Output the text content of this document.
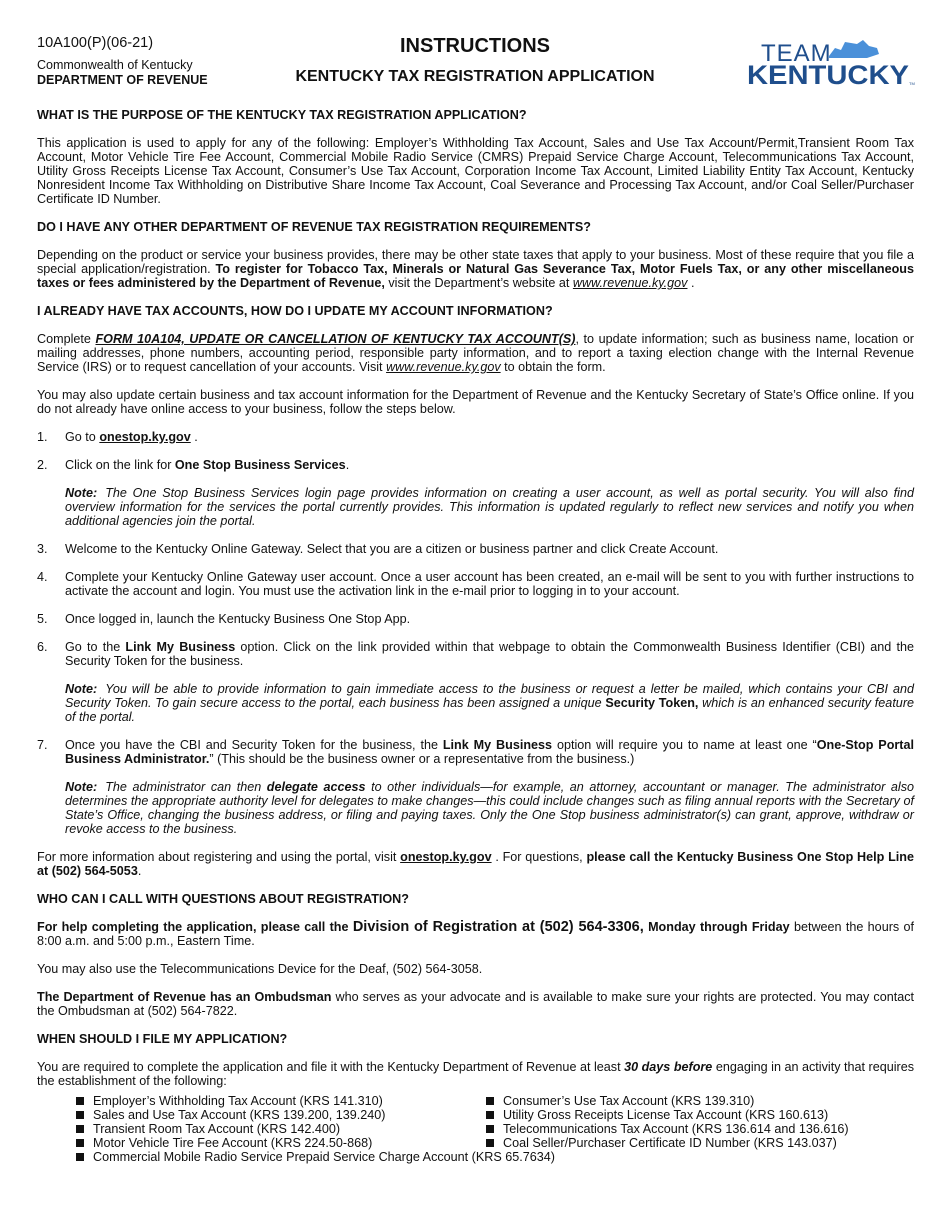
10A100(P)(06-21)
Commonwealth of Kentucky
DEPARTMENT OF REVENUE
INSTRUCTIONS
KENTUCKY TAX REGISTRATION APPLICATION
TEAM
KENTUCKY TM
WHAT IS THE PURPOSE OF THE KENTUCKY TAX REGISTRATION APPLICATION?

This application is used to apply for any of the following: Employer’s Withholding Tax Account, Sales and Use Tax Account/Permit,Transient Room Tax Account, Motor Vehicle Tire Fee Account, Commercial Mobile Radio Service (CMRS) Prepaid Service Charge Account, Telecommunications Tax Account, Utility Gross Receipts License Tax Account, Consumer’s Use Tax Account, Corporation Income Tax Account, Limited Liability Entity Tax Account, Kentucky Nonresident Income Tax Withholding on Distributive Share Income Tax Account, Coal Severance and Processing Tax Account, and/or Coal Seller/Purchaser Certificate ID Number.

DO I HAVE ANY OTHER DEPARTMENT OF REVENUE TAX REGISTRATION REQUIREMENTS?

Depending on the product or service your business provides, there may be other state taxes that apply to your business. Most of these require that you file a special application/registration. To register for Tobacco Tax, Minerals or Natural Gas Severance Tax, Motor Fuels Tax, or any other miscellaneous taxes or fees administered by the Department of Revenue, visit the Department’s website at www.revenue.ky.gov .

I ALREADY HAVE TAX ACCOUNTS, HOW DO I UPDATE MY ACCOUNT INFORMATION?

Complete FORM 10A104, UPDATE OR CANCELLATION OF KENTUCKY TAX ACCOUNT(S), to update information; such as business name, location or mailing addresses, phone numbers, accounting period, responsible party information, and to report a taxing election change with the Internal Revenue Service (IRS) or to request cancellation of your accounts. Visit www.revenue.ky.gov to obtain the form.

You may also update certain business and tax account information for the Department of Revenue and the Kentucky Secretary of State’s Office online. If you do not already have online access to your business, follow the steps below.

1.	Go to onestop.ky.gov .
2.	Click on the link for One Stop Business Services.
Note: The One Stop Business Services login page provides information on creating a user account, as well as portal security. You will also find overview information for the services the portal currently provides. This information is updated regularly to reflect new services and notify you when additional agencies join the portal.
3.	Welcome to the Kentucky Online Gateway. Select that you are a citizen or business partner and click Create Account.
4.	Complete your Kentucky Online Gateway user account. Once a user account has been created, an e-mail will be sent to you with further instructions to activate the account and login. You must use the activation link in the e-mail prior to logging in to your account.
5.	Once logged in, launch the Kentucky Business One Stop App.
6.	Go to the Link My Business option. Click on the link provided within that webpage to obtain the Commonwealth Business Identifier (CBI) and the Security Token for the business.
Note: You will be able to provide information to gain immediate access to the business or request a letter be mailed, which contains your CBI and Security Token. To gain secure access to the portal, each business has been assigned a unique Security Token, which is an enhanced security feature of the portal.
7.	Once you have the CBI and Security Token for the business, the Link My Business option will require you to name at least one “One-Stop Portal Business Administrator.” (This should be the business owner or a representative from the business.)
Note: The administrator can then delegate access to other individuals—for example, an attorney, accountant or manager. The administrator also determines the appropriate authority level for delegates to make changes—this could include changes such as filing annual reports with the Secretary of State’s Office, changing the business address, or filing and paying taxes. Only the One Stop business administrator(s) can grant, approve, withdraw or revoke access to the business.

For more information about registering and using the portal, visit onestop.ky.gov . For questions, please call the Kentucky Business One Stop Help Line at (502) 564-5053.

WHO CAN I CALL WITH QUESTIONS ABOUT REGISTRATION?

For help completing the application, please call the Division of Registration at (502) 564-3306, Monday through Friday between the hours of 8:00 a.m. and 5:00 p.m., Eastern Time.

You may also use the Telecommunications Device for the Deaf, (502) 564-3058.

The Department of Revenue has an Ombudsman who serves as your advocate and is available to make sure your rights are protected. You may contact the Ombudsman at (502) 564-7822.

WHEN SHOULD I FILE MY APPLICATION?

You are required to complete the application and file it with the Kentucky Department of Revenue at least 30 days before engaging in an activity that requires the establishment of the following:

Employer’s Withholding Tax Account (KRS 141.310)
Sales and Use Tax Account (KRS 139.200, 139.240)
Transient Room Tax Account (KRS 142.400)
Motor Vehicle Tire Fee Account (KRS 224.50-868)
Commercial Mobile Radio Service Prepaid Service Charge Account (KRS 65.7634)
Consumer’s Use Tax Account (KRS 139.310)
Utility Gross Receipts License Tax Account (KRS 160.613)
Telecommunications Tax Account (KRS 136.614 and 136.616)
Coal Seller/Purchaser Certificate ID Number (KRS 143.037)
